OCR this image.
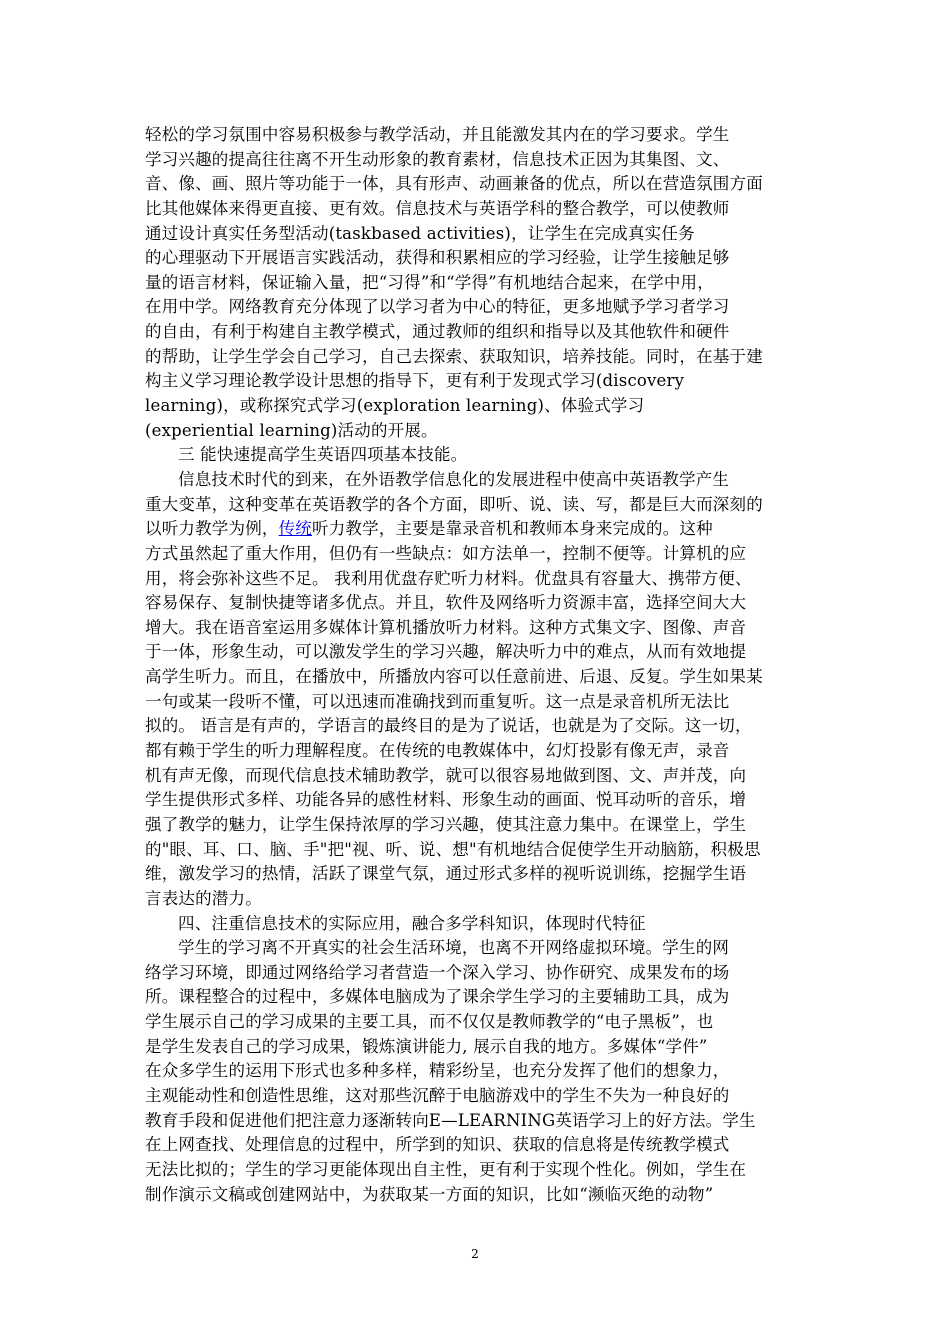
轻松的学习氛围中容易积极参与教学活动，并且能激发其内在的学习要求。学生
学习兴趣的提高往往离不开生动形象的教育素材，信息技术正因为其集图、文、
音、像、画、照片等功能于一体，具有形声、动画兼备的优点，所以在营造氛围方面
比其他媒体来得更直接、更有效。信息技术与英语学科的整合教学，可以使教师
通过设计真实任务型活动(taskbased activities)，让学生在完成真实任务
的心理驱动下开展语言实践活动，获得和积累相应的学习经验，让学生接触足够
量的语言材料，保证输入量，把“习得”和“学得”有机地结合起来，在学中用，
在用中学。网络教育充分体现了以学习者为中心的特征，更多地赋予学习者学习
的自由，有利于构建自主教学模式，通过教师的组织和指导以及其他软件和硬件
的帮助，让学生学会自己学习，自己去探索、获取知识，培养技能。同时，在基于建
构主义学习理论教学设计思想的指导下，更有利于发现式学习(discovery
learning)，或称探究式学习(exploration learning)、体验式学习
(experiential learning)活动的开展。
三 能快速提高学生英语四项基本技能。
信息技术时代的到来，在外语教学信息化的发展进程中使高中英语教学产生
重大变革，这种变革在英语教学的各个方面，即听、说、读、写，都是巨大而深刻的
以听力教学为例，传统听力教学，主要是靠录音机和教师本身来完成的。这种
方式虽然起了重大作用，但仍有一些缺点：如方法单一，控制不便等。计算机的应
用，将会弥补这些不足。 我利用优盘存贮听力材料。优盘具有容量大、携带方便、
容易保存、复制快捷等诸多优点。并且，软件及网络听力资源丰富，选择空间大大
增大。我在语音室运用多媒体计算机播放听力材料。这种方式集文字、图像、声音
于一体，形象生动，可以激发学生的学习兴趣，解决听力中的难点，从而有效地提
高学生听力。而且，在播放中，所播放内容可以任意前进、后退、反复。学生如果某
一句或某一段听不懂，可以迅速而准确找到而重复听。这一点是录音机所无法比
拟的。 语言是有声的，学语言的最终目的是为了说话，也就是为了交际。这一切，
都有赖于学生的听力理解程度。在传统的电教媒体中，幻灯投影有像无声，录音
机有声无像，而现代信息技术辅助教学，就可以很容易地做到图、文、声并茂，向
学生提供形式多样、功能各异的感性材料、形象生动的画面、悦耳动听的音乐，增
强了教学的魅力，让学生保持浓厚的学习兴趣，使其注意力集中。在课堂上，学生
的"眼、耳、口、脑、手"把"视、听、说、想"有机地结合促使学生开动脑筋，积极思
维，激发学习的热情，活跃了课堂气氛，通过形式多样的视听说训练，挖掘学生语
言表达的潜力。
四、注重信息技术的实际应用，融合多学科知识，体现时代特征
学生的学习离不开真实的社会生活环境，也离不开网络虚拟环境。学生的网
络学习环境，即通过网络给学习者营造一个深入学习、协作研究、成果发布的场
所。课程整合的过程中，多媒体电脑成为了课余学生学习的主要辅助工具，成为
学生展示自己的学习成果的主要工具，而不仅仅是教师教学的“电子黑板”，也
是学生发表自己的学习成果，锻炼演讲能力, 展示自我的地方。多媒体“学件”
在众多学生的运用下形式也多种多样，精彩纷呈，也充分发挥了他们的想象力，
主观能动性和创造性思维，这对那些沉醉于电脑游戏中的学生不失为一种良好的
教育手段和促进他们把注意力逐渐转向E—LEARNING英语学习上的好方法。学生
在上网查找、处理信息的过程中，所学到的知识、获取的信息将是传统教学模式
无法比拟的；学生的学习更能体现出自主性，更有利于实现个性化。例如，学生在
制作演示文稿或创建网站中，为获取某一方面的知识，比如“濒临灭绝的动物”
2
